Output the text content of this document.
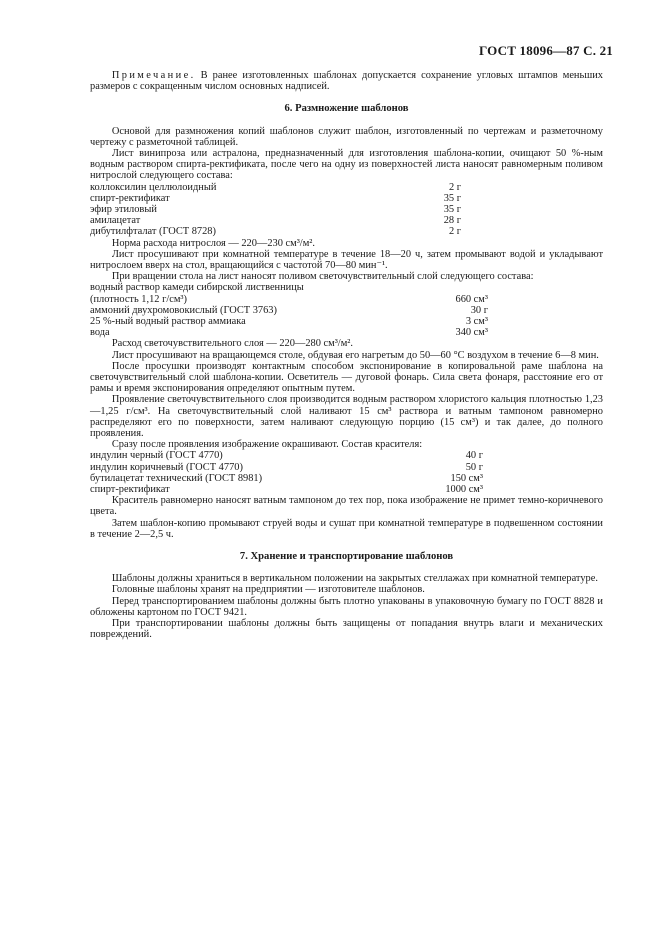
ГОСТ 18096—87 С. 21

Примечание. В ранее изготовленных шаблонах допускается сохранение угловых штампов меньших размеров с сокращенным числом основных надписей.

6. Размножение шаблонов

Основой для размножения копий шаблонов служит шаблон, изготовленный по чертежам и разметочному чертежу с разметочной таблицей.

Лист винипроза или астралона, предназначенный для изготовления шаблона-копии, очищают 50 %-ным водным раствором спирта-ректификата, после чего на одну из поверхностей листа наносят равномерным поливом нитрослой следующего состава:

коллоксилин целлюлоидный	2 г
спирт-ректификат	35 г
эфир этиловый	35 г
амилацетат	28 г
дибутилфталат (ГОСТ 8728)	2 г

Норма расхода нитрослоя — 220—230 см³/м².

Лист просушивают при комнатной температуре в течение 18—20 ч, затем промывают водой и укладывают нитрослоем вверх на стол, вращающийся с частотой 70—80 мин⁻¹.

При вращении стола на лист наносят поливом светочувствительный слой следующего состава:

водный раствор камеди сибирской лиственницы

(плотность 1,12 г/см³)	660 см³
аммоний двухромовокислый (ГОСТ 3763)	30 г
25 %-ный водный раствор аммиака	3 см³
вода	340 см³

Расход светочувствительного слоя — 220—280 см³/м².

Лист просушивают на вращающемся столе, обдувая его нагретым до 50—60 °С воздухом в течение 6—8 мин.

После просушки производят контактным способом экспонирование в копировальной раме шаблона на светочувствительный слой шаблона-копии. Осветитель — дуговой фонарь. Сила света фонаря, расстояние его от рамы и время экспонирования определяют опытным путем.

Проявление светочувствительного слоя производится водным раствором хлористого кальция плотностью 1,23—1,25 г/см³. На светочувствительный слой наливают 15 см³ раствора и ватным тампоном равномерно распределяют его по поверхности, затем наливают следующую порцию (15 см³) и так далее, до полного проявления.

Сразу после проявления изображение окрашивают. Состав красителя:

индулин черный (ГОСТ 4770)	40 г
индулин коричневый (ГОСТ 4770)	50 г
бутилацетат технический (ГОСТ 8981)	150 см³
спирт-ректификат	1000 см³

Краситель равномерно наносят ватным тампоном до тех пор, пока изображение не примет темно-коричневого цвета.

Затем шаблон-копию промывают струей воды и сушат при комнатной температуре в подвешенном состоянии в течение 2—2,5 ч.

7. Хранение и транспортирование шаблонов

Шаблоны должны храниться в вертикальном положении на закрытых стеллажах при комнатной температуре.

Головные шаблоны хранят на предприятии — изготовителе шаблонов.

Перед транспортированием шаблоны должны быть плотно упакованы в упаковочную бумагу по ГОСТ 8828 и обложены картоном по ГОСТ 9421.

При транспортировании шаблоны должны быть защищены от попадания внутрь влаги и механических повреждений.
